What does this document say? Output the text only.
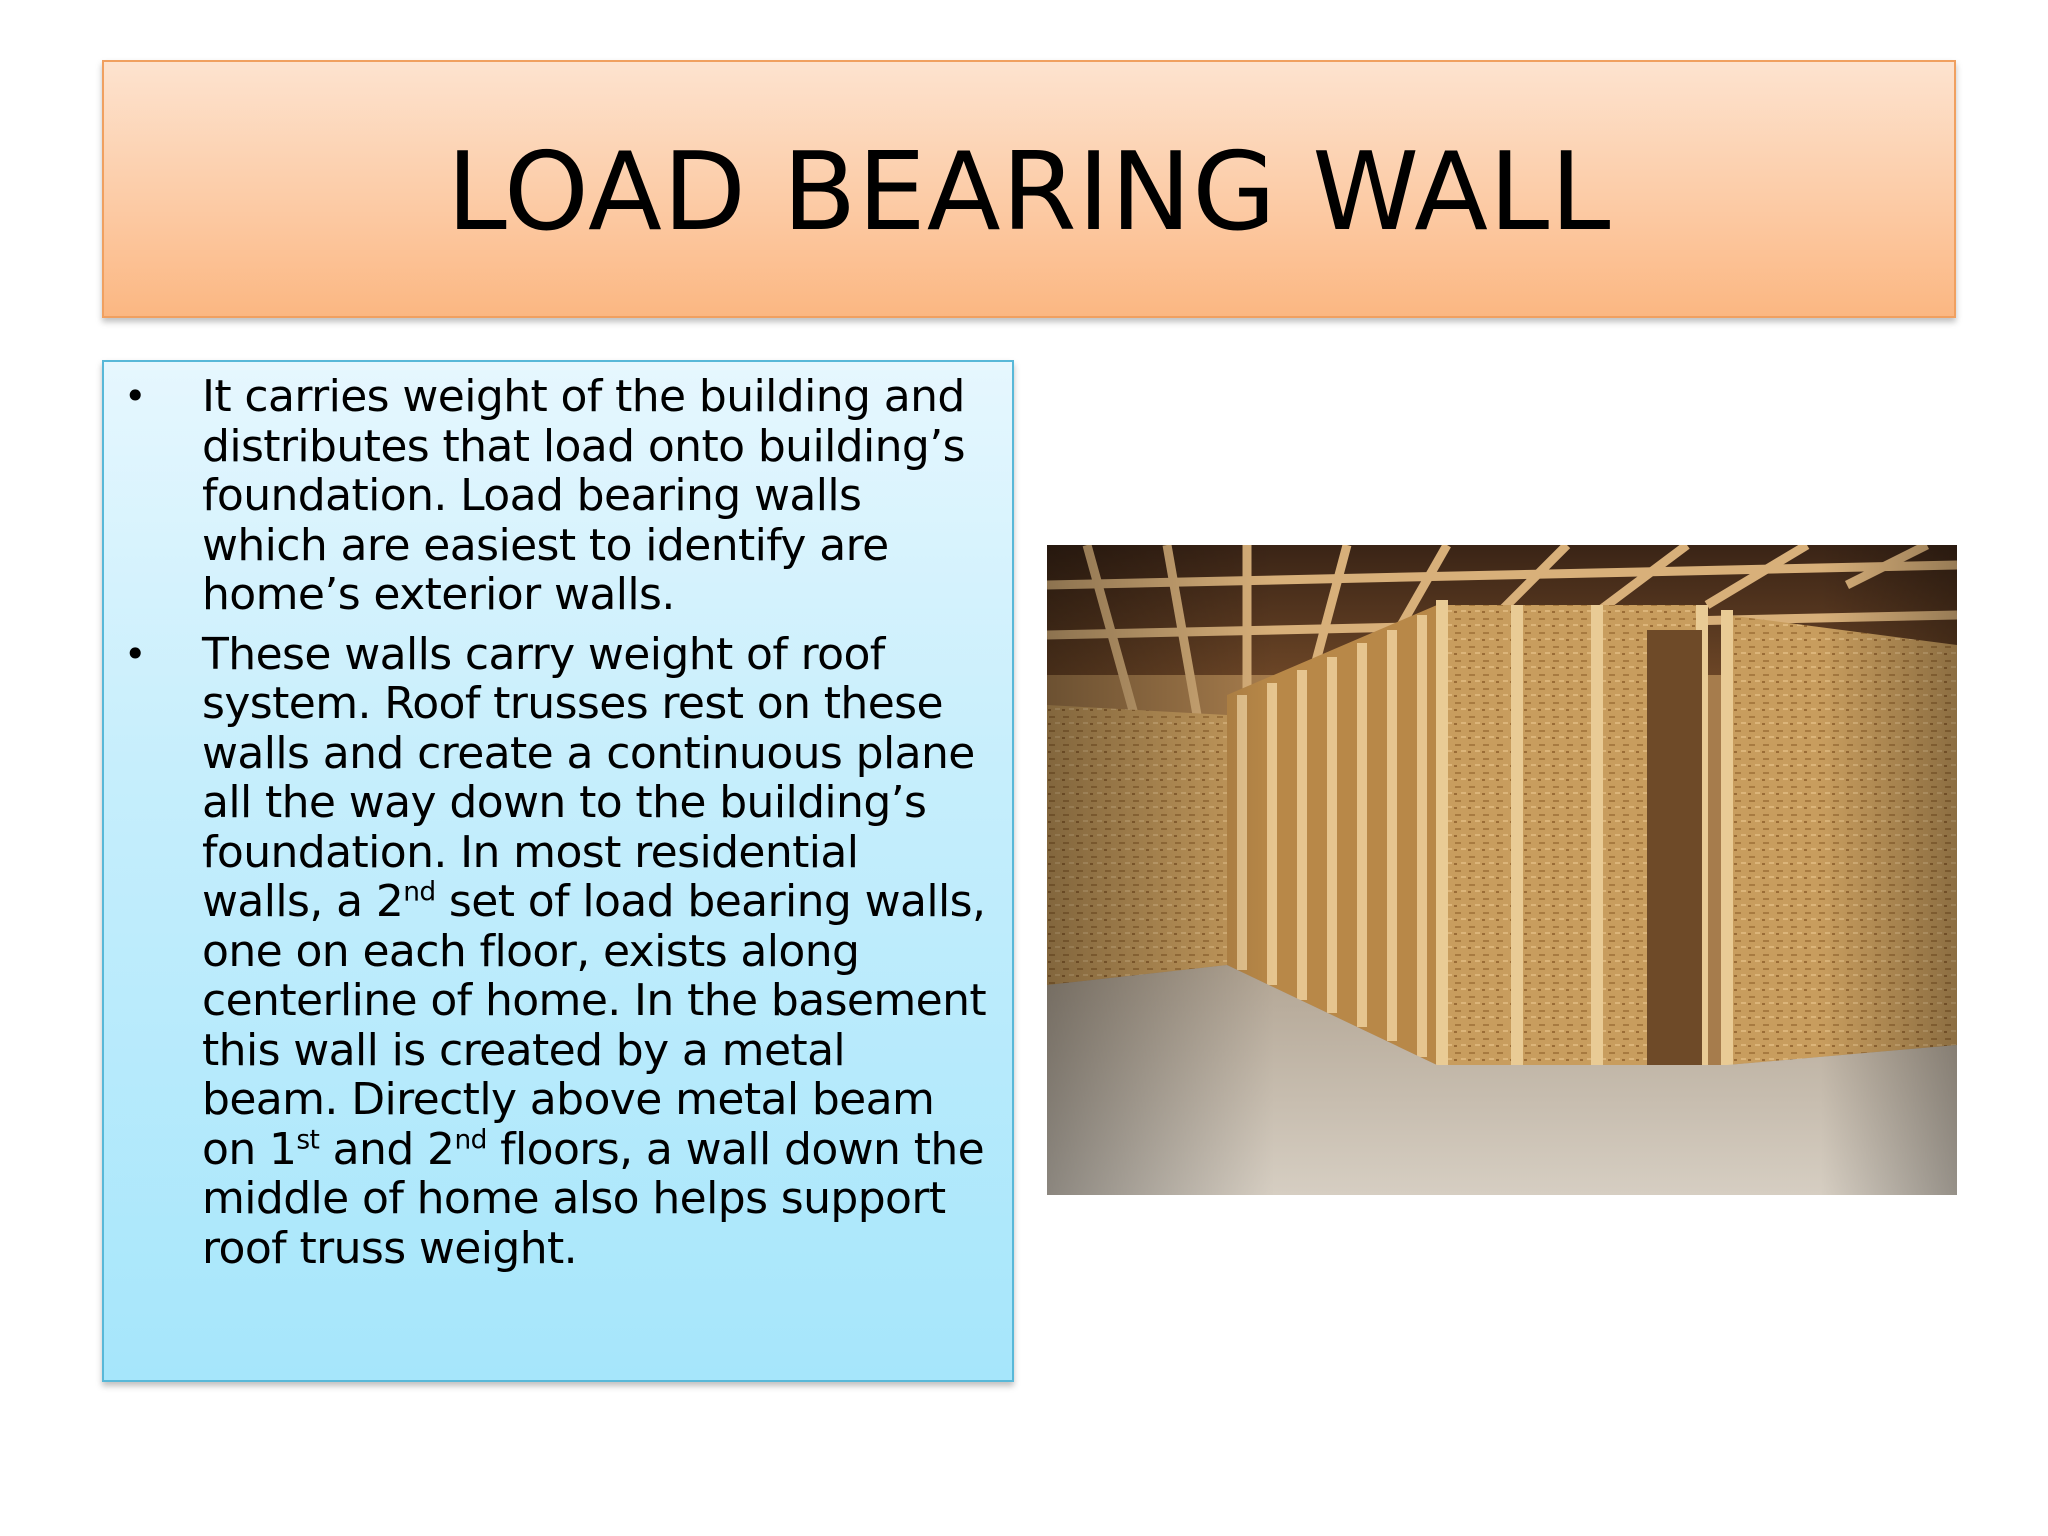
LOAD BEARING WALL
• It carries weight of the building and distributes that load onto building’s foundation. Load bearing walls which are easiest to identify are home’s exterior walls.
• These walls carry weight of roof system. Roof trusses rest on these walls and create a continuous plane all the way down to the building’s foundation. In most residential walls, a 2nd set of load bearing walls, one on each floor, exists along centerline of home. In the basement this wall is created by a metal beam. Directly above metal beam on 1st and 2nd floors, a wall down the middle of home also helps support roof truss weight.
